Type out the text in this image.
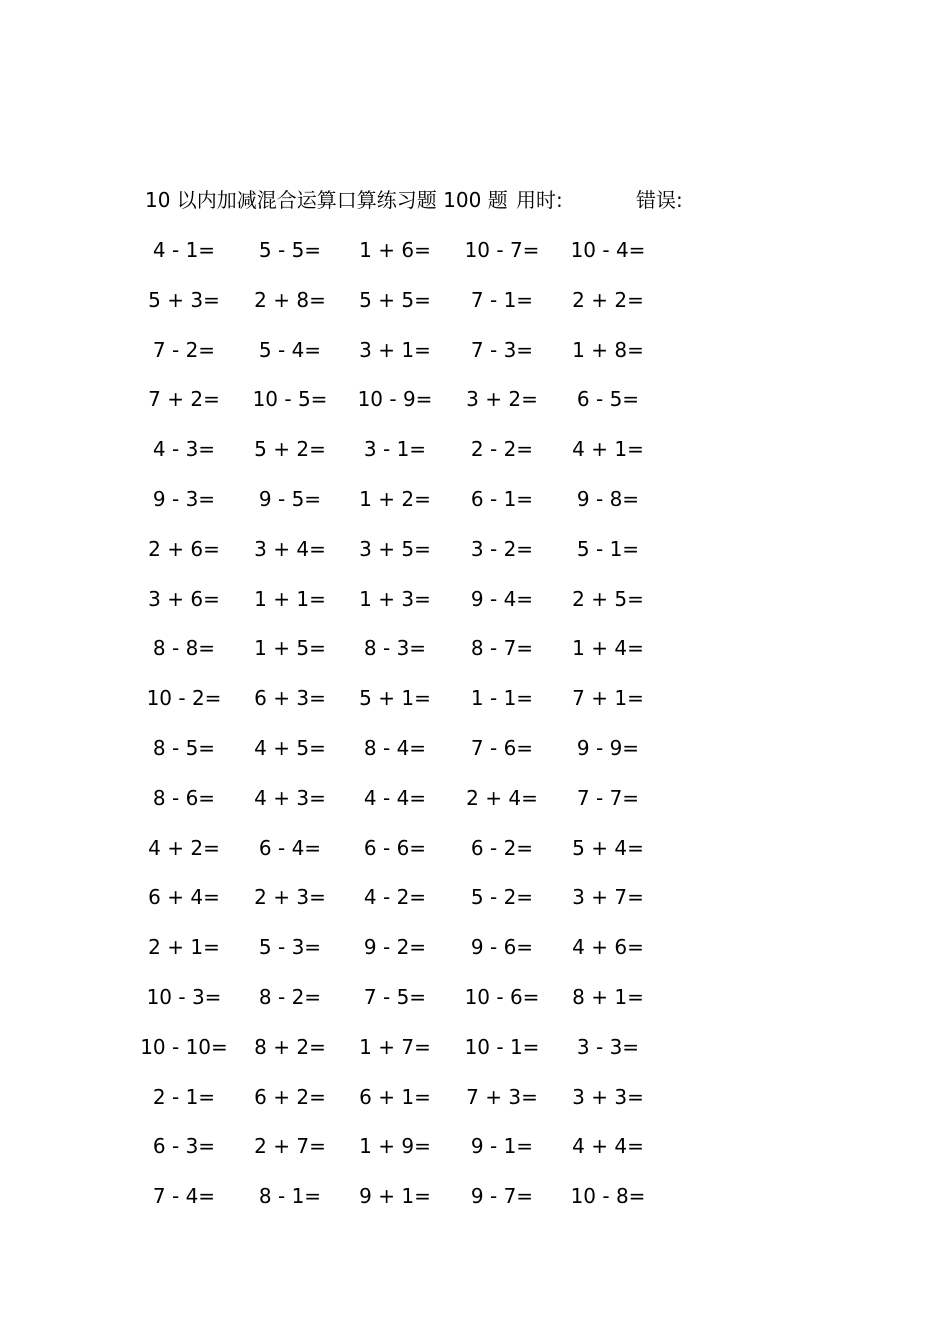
10 以内加减混合运算口算练习题 100 题 用时:	错误:
4 - 1=	5 - 5=	1 + 6=	10 - 7=	10 - 4=
5 + 3=	2 + 8=	5 + 5=	7 - 1=	2 + 2=
7 - 2=	5 - 4=	3 + 1=	7 - 3=	1 + 8=
7 + 2=	10 - 5=	10 - 9=	3 + 2=	6 - 5=
4 - 3=	5 + 2=	3 - 1=	2 - 2=	4 + 1=
9 - 3=	9 - 5=	1 + 2=	6 - 1=	9 - 8=
2 + 6=	3 + 4=	3 + 5=	3 - 2=	5 - 1=
3 + 6=	1 + 1=	1 + 3=	9 - 4=	2 + 5=
8 - 8=	1 + 5=	8 - 3=	8 - 7=	1 + 4=
10 - 2=	6 + 3=	5 + 1=	1 - 1=	7 + 1=
8 - 5=	4 + 5=	8 - 4=	7 - 6=	9 - 9=
8 - 6=	4 + 3=	4 - 4=	2 + 4=	7 - 7=
4 + 2=	6 - 4=	6 - 6=	6 - 2=	5 + 4=
6 + 4=	2 + 3=	4 - 2=	5 - 2=	3 + 7=
2 + 1=	5 - 3=	9 - 2=	9 - 6=	4 + 6=
10 - 3=	8 - 2=	7 - 5=	10 - 6=	8 + 1=
10 - 10=	8 + 2=	1 + 7=	10 - 1=	3 - 3=
2 - 1=	6 + 2=	6 + 1=	7 + 3=	3 + 3=
6 - 3=	2 + 7=	1 + 9=	9 - 1=	4 + 4=
7 - 4=	8 - 1=	9 + 1=	9 - 7=	10 - 8=
